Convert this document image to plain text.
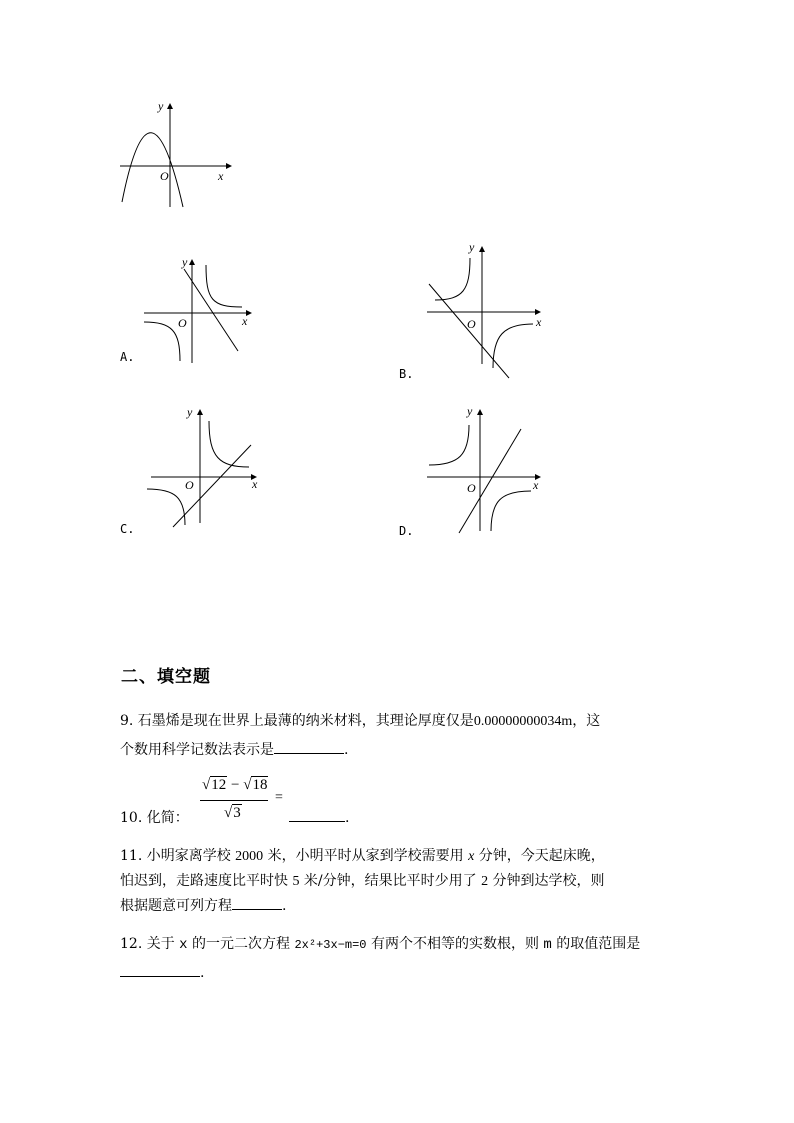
y
x
O
y
x
O
A.
y
x
O
B.
y
x
O
C.
y
x
O
D.
二、填空题
9. 石墨烯是现在世界上最薄的纳米材料，其理论厚度仅是0.00000000034m，这
个数用科学记数法表示是	.
10. 化简：
√12 − √18
√3
=
.
11. 小明家离学校 2000 米，小明平时从家到学校需要用 x 分钟，今天起床晚，
怕迟到，走路速度比平时快 5 米/分钟，结果比平时少用了 2 分钟到达学校，则
根据题意可列方程	.
12. 关于 x 的一元二次方程 2x²+3x−m=0 有两个不相等的实数根，则 m 的取值范围是
.
